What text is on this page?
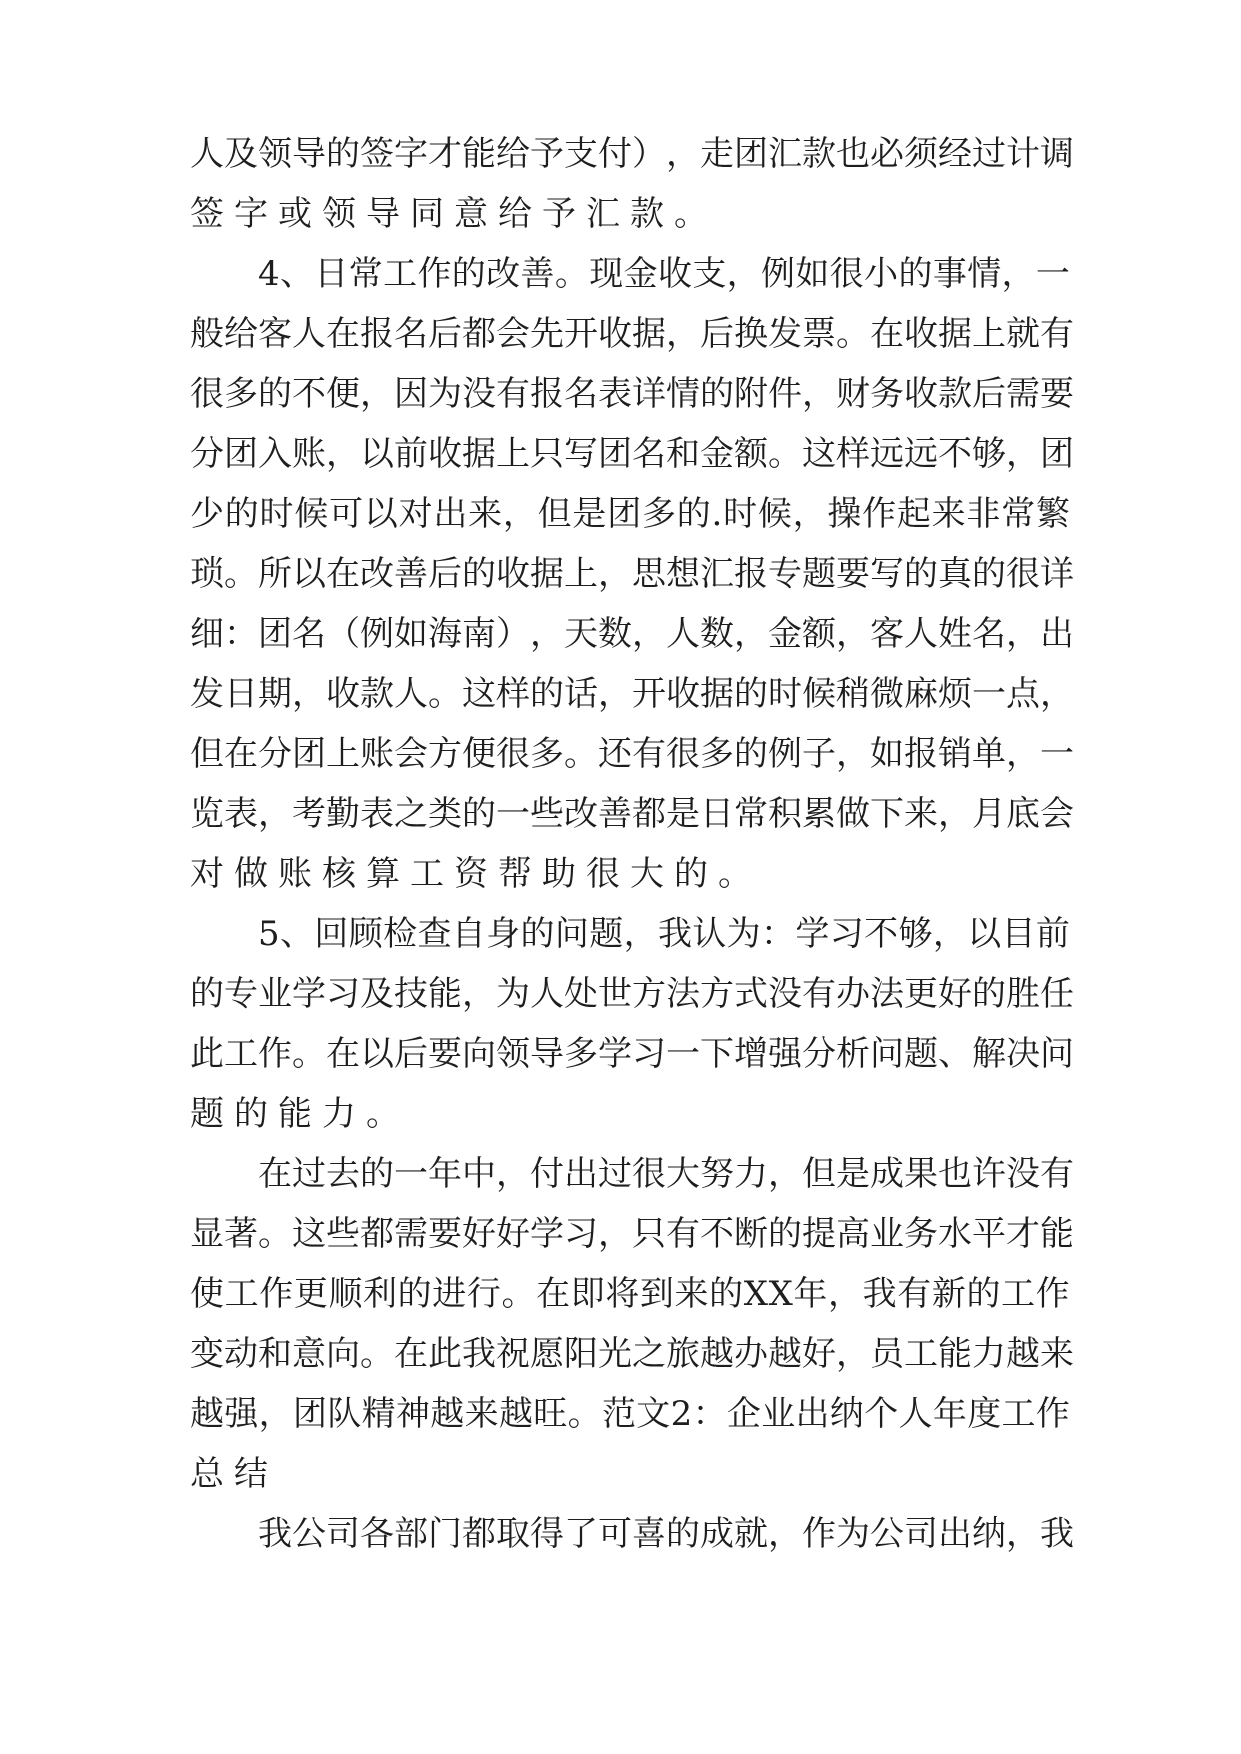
人 及 领 导 的 签 字 才 能 给 予 支 付 ） ， 走 团 汇 款 也 必 须 经 过 计 调
签字或领导同意给予汇款。
4 、 日 常 工 作 的 改 善 。 现 金 收 支 ， 例 如 很 小 的 事 情 ， 一
般 给 客 人 在 报 名 后 都 会 先 开 收 据 ， 后 换 发 票 。 在 收 据 上 就 有
很 多 的 不 便 ， 因 为 没 有 报 名 表 详 情 的 附 件 ， 财 务 收 款 后 需 要
分 团 入 账 ， 以 前 收 据 上 只 写 团 名 和 金 额 。 这 样 远 远 不 够 ， 团
少 的 时 候 可 以 对 出 来 ， 但 是 团 多 的 . 时 候 ， 操 作 起 来 非 常 繁
琐 。 所 以 在 改 善 后 的 收 据 上 ， 思 想 汇 报 专 题 要 写 的 真 的 很 详
细 ： 团 名 （ 例 如 海 南 ） ， 天 数 ， 人 数 ， 金 额 ， 客 人 姓 名 ， 出
发 日 期 ， 收 款 人 。 这 样 的 话 ， 开 收 据 的 时 候 稍 微 麻 烦 一 点 ，
但 在 分 团 上 账 会 方 便 很 多 。 还 有 很 多 的 例 子 ， 如 报 销 单 ， 一
览 表 ， 考 勤 表 之 类 的 一 些 改 善 都 是 日 常 积 累 做 下 来 ， 月 底 会
对做账核算工资帮助很大的。
5 、 回 顾 检 查 自 身 的 问 题 ， 我 认 为 ： 学 习 不 够 ， 以 目 前
的 专 业 学 习 及 技 能 ， 为 人 处 世 方 法 方 式 没 有 办 法 更 好 的 胜 任
此 工 作 。 在 以 后 要 向 领 导 多 学 习 一 下 增 强 分 析 问 题 、 解 决 问
题的能力。
在 过 去 的 一 年 中 ， 付 出 过 很 大 努 力 ， 但 是 成 果 也 许 没 有
显 著 。 这 些 都 需 要 好 好 学 习 ， 只 有 不 断 的 提 高 业 务 水 平 才 能
使 工 作 更 顺 利 的 进 行 。 在 即 将 到 来 的 X X 年 ， 我 有 新 的 工 作
变 动 和 意 向 。 在 此 我 祝 愿 阳 光 之 旅 越 办 越 好 ， 员 工 能 力 越 来
越 强 ， 团 队 精 神 越 来 越 旺 。 范 文 2 ： 企 业 出 纳 个 人 年 度 工 作
总结
我 公 司 各 部 门 都 取 得 了 可 喜 的 成 就 ， 作 为 公 司 出 纳 ， 我
